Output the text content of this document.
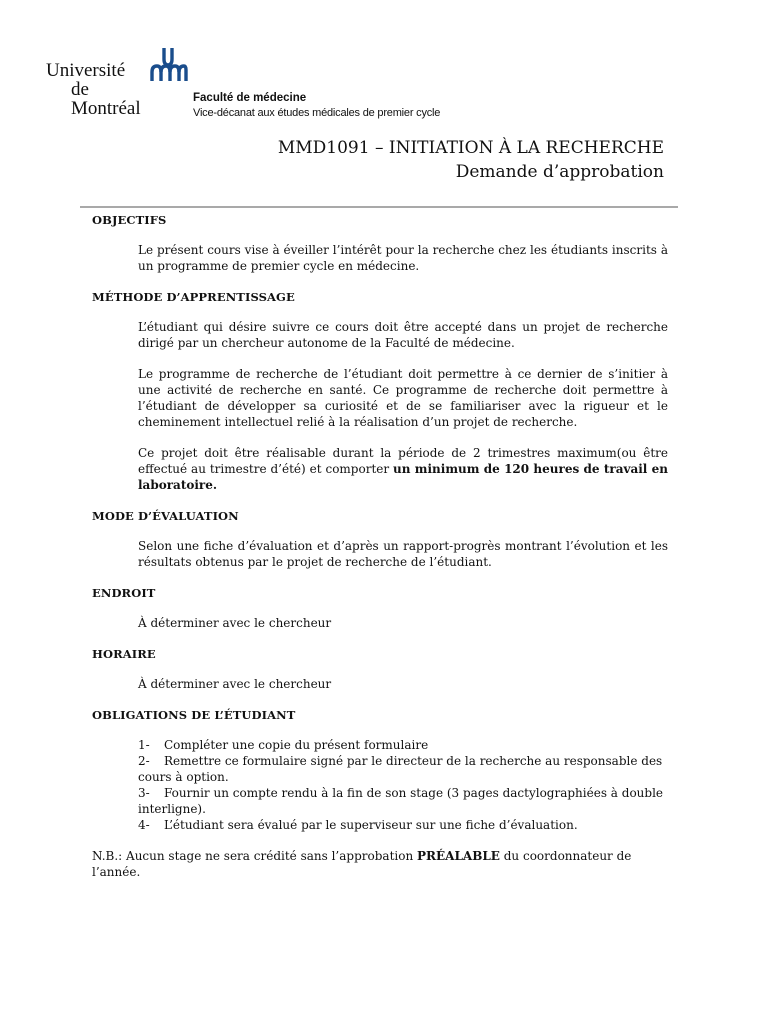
Université
de Montréal	Faculté de médecine
Vice-décanat aux études médicales de premier cycle
MMD1091 – INITIATION À LA RECHERCHE
Demande d’approbation

OBJECTIFS

Le présent cours vise à éveiller l’intérêt pour la recherche chez les étudiants inscrits à un programme de premier cycle en médecine.

MÉTHODE D’APPRENTISSAGE

L’étudiant qui désire suivre ce cours doit être accepté dans un projet de recherche dirigé par un chercheur autonome de la Faculté de médecine.

Le programme de recherche de l’étudiant doit permettre à ce dernier de s’initier à une activité de recherche en santé. Ce programme de recherche doit permettre à l’étudiant de développer sa curiosité et de se familiariser avec la rigueur et le cheminement intellectuel relié à la réalisation d’un projet de recherche.

Ce projet doit être réalisable durant la période de 2 trimestres maximum(ou être effectué au trimestre d’été) et comporter un minimum de 120 heures de travail en laboratoire.

MODE D’ÉVALUATION

Selon une fiche d’évaluation et d’après un rapport-progrès montrant l’évolution et les résultats obtenus par le projet de recherche de l’étudiant.

ENDROIT

À déterminer avec le chercheur

HORAIRE

À déterminer avec le chercheur

OBLIGATIONS DE L’ÉTUDIANT

1- Compléter une copie du présent formulaire
2- Remettre ce formulaire signé par le directeur de la recherche au responsable des cours à option.
3- Fournir un compte rendu à la fin de son stage (3 pages dactylographiées à double interligne).
4- L’étudiant sera évalué par le superviseur sur une fiche d’évaluation.

N.B.: Aucun stage ne sera crédité sans l’approbation PRÉALABLE du coordonnateur de l’année.
